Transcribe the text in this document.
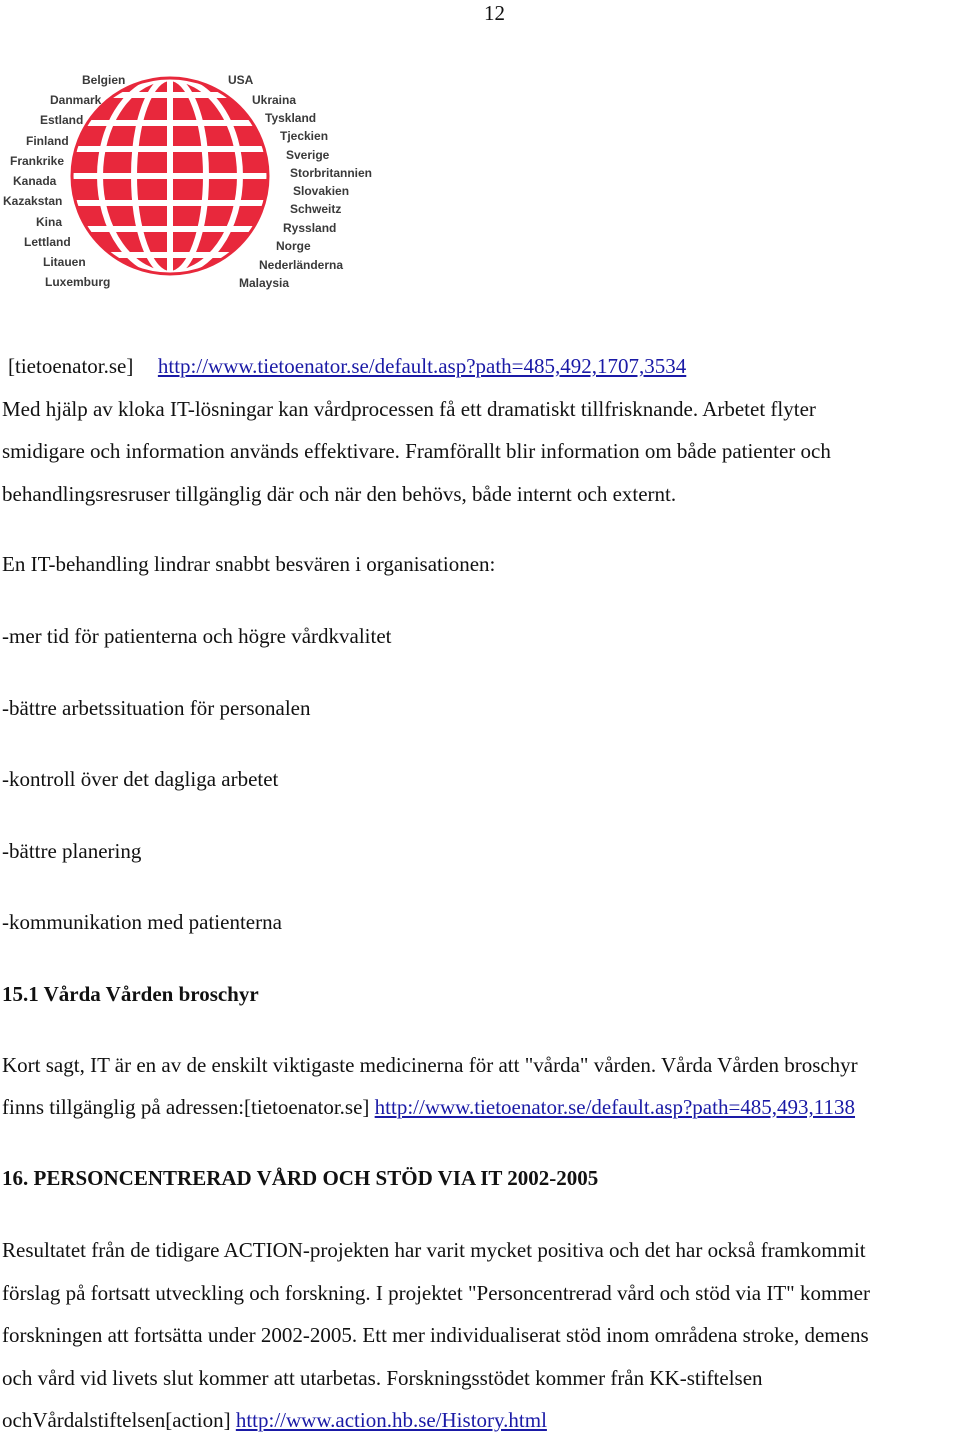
12
Belgien
Danmark
Estland
Finland
Frankrike
Kanada
Kazakstan
Kina
Lettland
Litauen
Luxemburg
USA
Ukraina
Tyskland
Tjeckien
Sverige
Storbritannien
Slovakien
Schweitz
Ryssland
Norge
Nederländerna
Malaysia
[tietoenator.se] http://www.tietoenator.se/default.asp?path=485,492,1707,3534
Med hjälp av kloka IT-lösningar kan vårdprocessen få ett dramatiskt tillfrisknande. Arbetet flyter
smidigare och information används effektivare. Framförallt blir information om både patienter och
behandlingsresruser tillgänglig där och när den behövs, både internt och externt.
En IT-behandling lindrar snabbt besvären i organisationen:
-mer tid för patienterna och högre vårdkvalitet
-bättre arbetssituation för personalen
-kontroll över det dagliga arbetet
-bättre planering
-kommunikation med patienterna
15.1 Vårda Vården broschyr
Kort sagt, IT är en av de enskilt viktigaste medicinerna för att "vårda" vården. Vårda Vården broschyr
finns tillgänglig på adressen:[tietoenator.se] http://www.tietoenator.se/default.asp?path=485,493,1138
16. PERSONCENTRERAD VÅRD OCH STÖD VIA IT 2002-2005
Resultatet från de tidigare ACTION-projekten har varit mycket positiva och det har också framkommit
förslag på fortsatt utveckling och forskning. I projektet "Personcentrerad vård och stöd via IT" kommer
forskningen att fortsätta under 2002-2005. Ett mer individualiserat stöd inom områdena stroke, demens
och vård vid livets slut kommer att utarbetas. Forskningsstödet kommer från KK-stiftelsen
ochVårdalstiftelsen[action] http://www.action.hb.se/History.html
